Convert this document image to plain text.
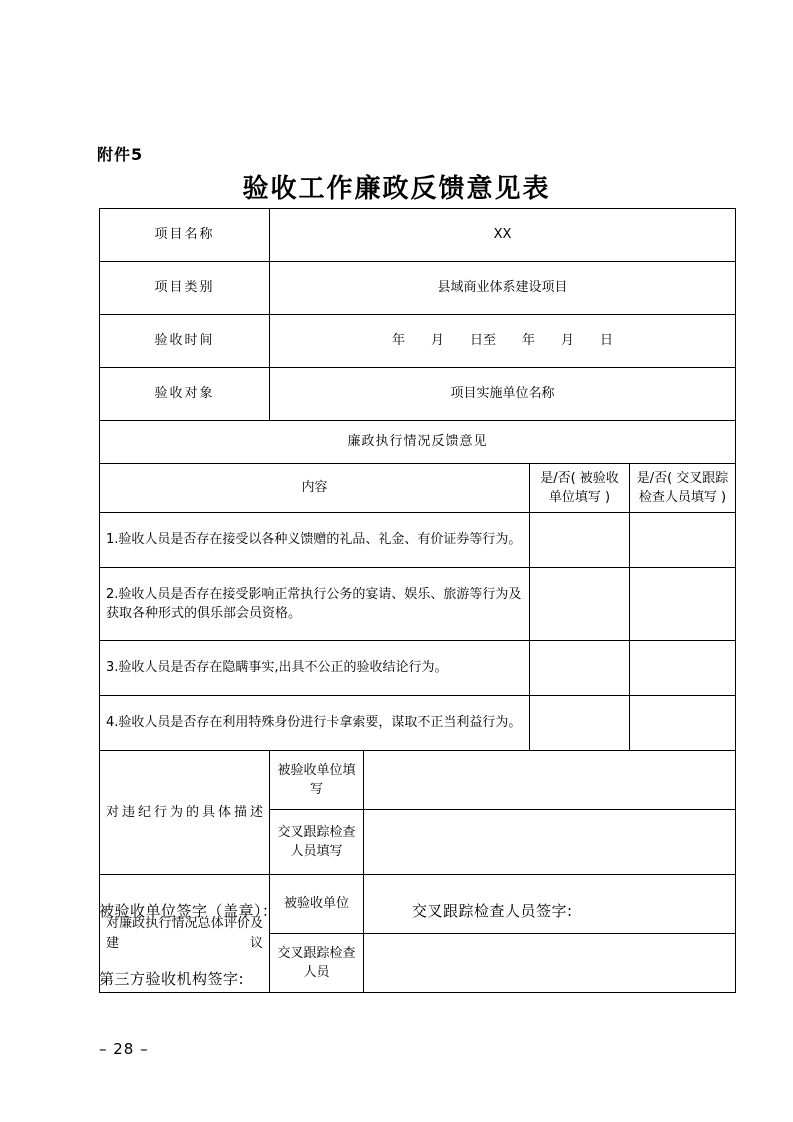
附件5
验收工作廉政反馈意见表
项目名称	XX			
项目类别	县域商业体系建设项目			
验收时间	年　　月　　日至　　年　　月　　日			
验收对象	项目实施单位名称			
廉政执行情况反馈意见				
内容			是/否( 被验收单位填写 )	是/否( 交叉跟踪检查人员填写 )
1.验收人员是否存在接受以各种义馈赠的礼品、礼金、有价证券等行为。				
2.验收人员是否存在接受影响正常执行公务的宴请、娱乐、旅游等行为及获取各种形式的俱乐部会员资格。				
3.验收人员是否存在隐瞒事实,出具不公正的验收结论行为。				
4.验收人员是否存在利用特殊身份进行卡拿索要，谋取不正当利益行为。				
对违纪行为的具体描述	被验收单位填写			
	交叉跟踪检查人员填写			
对廉政执行情况总体评价及建议	被验收单位			
	交叉跟踪检查人员			
被验收单位签字（盖章）：	交叉跟踪检查人员签字:
第三方验收机构签字:
– 28 –
